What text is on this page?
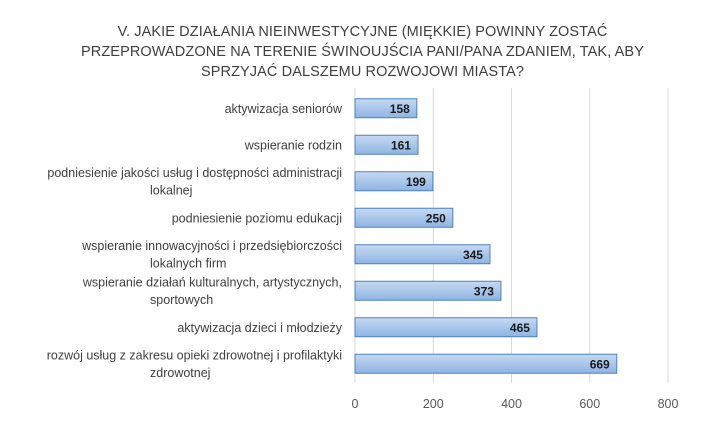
V. JAKIE DZIAŁANIA NIEINWESTYCYJNE (MIĘKKIE) POWINNY ZOSTAĆ
PRZEPROWADZONE NA TERENIE ŚWINOUJŚCIA PANI/PANA ZDANIEM, TAK, ABY
SPRZYJAĆ DALSZEMU ROZWOJOWI MIASTA?
0	200	400	600	800
158
aktywizacja seniorów
161
wspieranie rodzin
199
podniesienie jakości usług i dostępności administracji
lokalnej
250
podniesienie poziomu edukacji
345
wspieranie innowacyjności i przedsiębiorczości
lokalnych firm
373
wspieranie działań kulturalnych, artystycznych,
sportowych
465
aktywizacja dzieci i młodzieży
669
rozwój usług z zakresu opieki zdrowotnej i profilaktyki
zdrowotnej
